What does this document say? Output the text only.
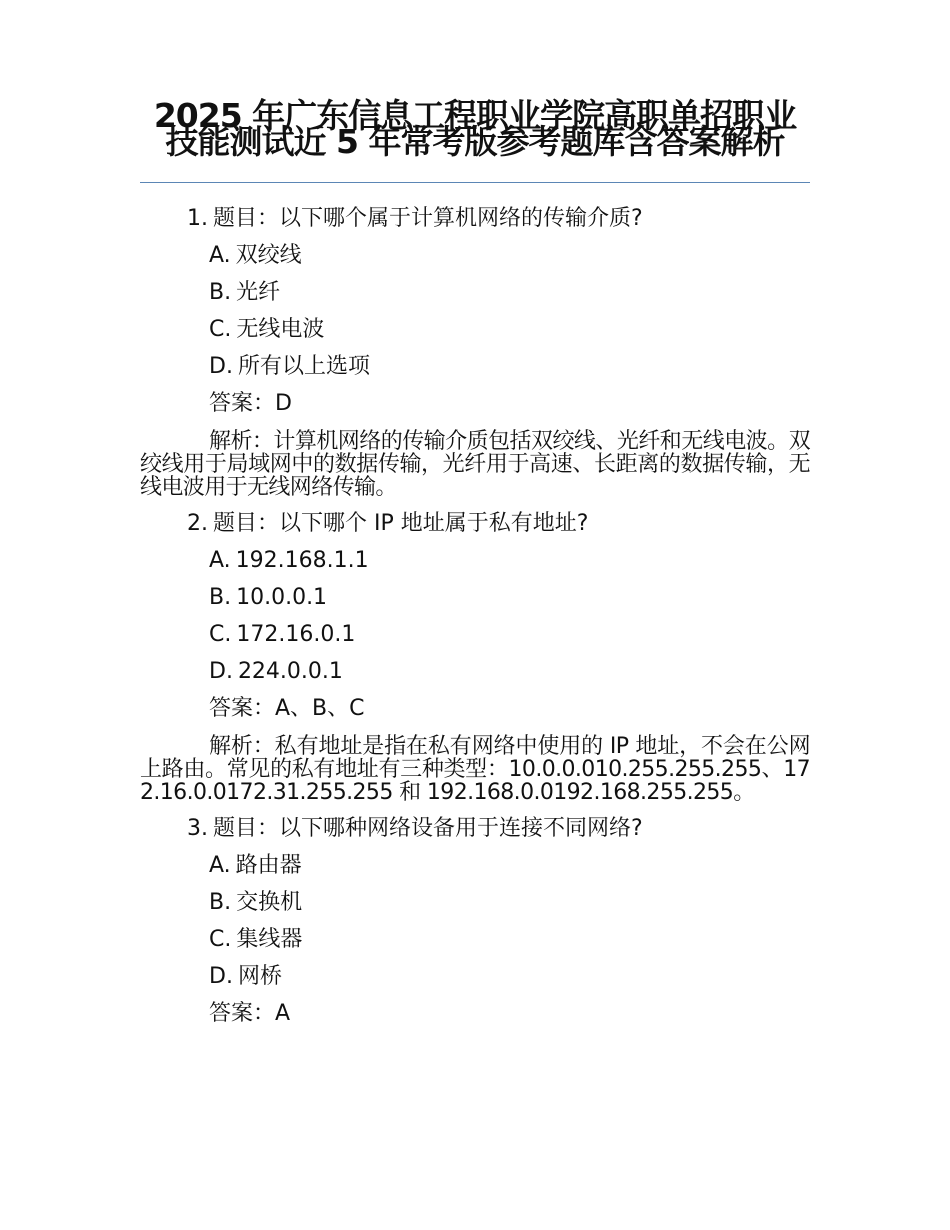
2025 年广东信息工程职业学院高职单招职业技能测试近 5 年常考版参考题库含答案解析
1. 题目：以下哪个属于计算机网络的传输介质?
A. 双绞线
B. 光纤
C. 无线电波
D. 所有以上选项
答案：D
解析：计算机网络的传输介质包括双绞线、光纤和无线电波。双绞线用于局域网中的数据传输，光纤用于高速、长距离的数据传输，无线电波用于无线网络传输。
2. 题目：以下哪个 IP 地址属于私有地址?
A. 192.168.1.1
B. 10.0.0.1
C. 172.16.0.1
D. 224.0.0.1
答案：A、B、C
解析：私有地址是指在私有网络中使用的 IP 地址，不会在公网上路由。常见的私有地址有三种类型：10.0.0.010.255.255.255、172.16.0.0172.31.255.255 和 192.168.0.0192.168.255.255。
3. 题目：以下哪种网络设备用于连接不同网络?
A. 路由器
B. 交换机
C. 集线器
D. 网桥
答案：A
